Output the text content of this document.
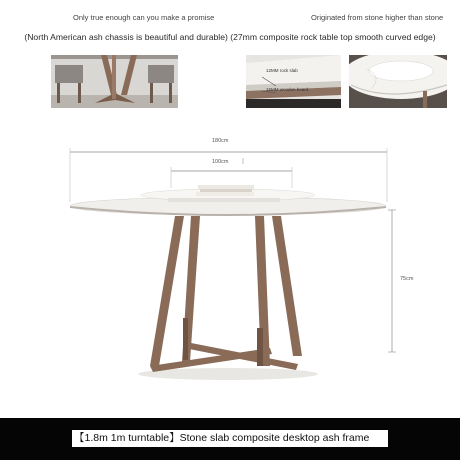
Only true enough can you make a promise	Originated from stone higher than stone
(North American ash chassis is beautiful and durable) (27mm composite rock table top smooth curved edge)
12MM rock slab
15MM wooden board
180cm
100cm
75cm
【1.8m 1m turntable】Stone slab composite desktop ash frame
